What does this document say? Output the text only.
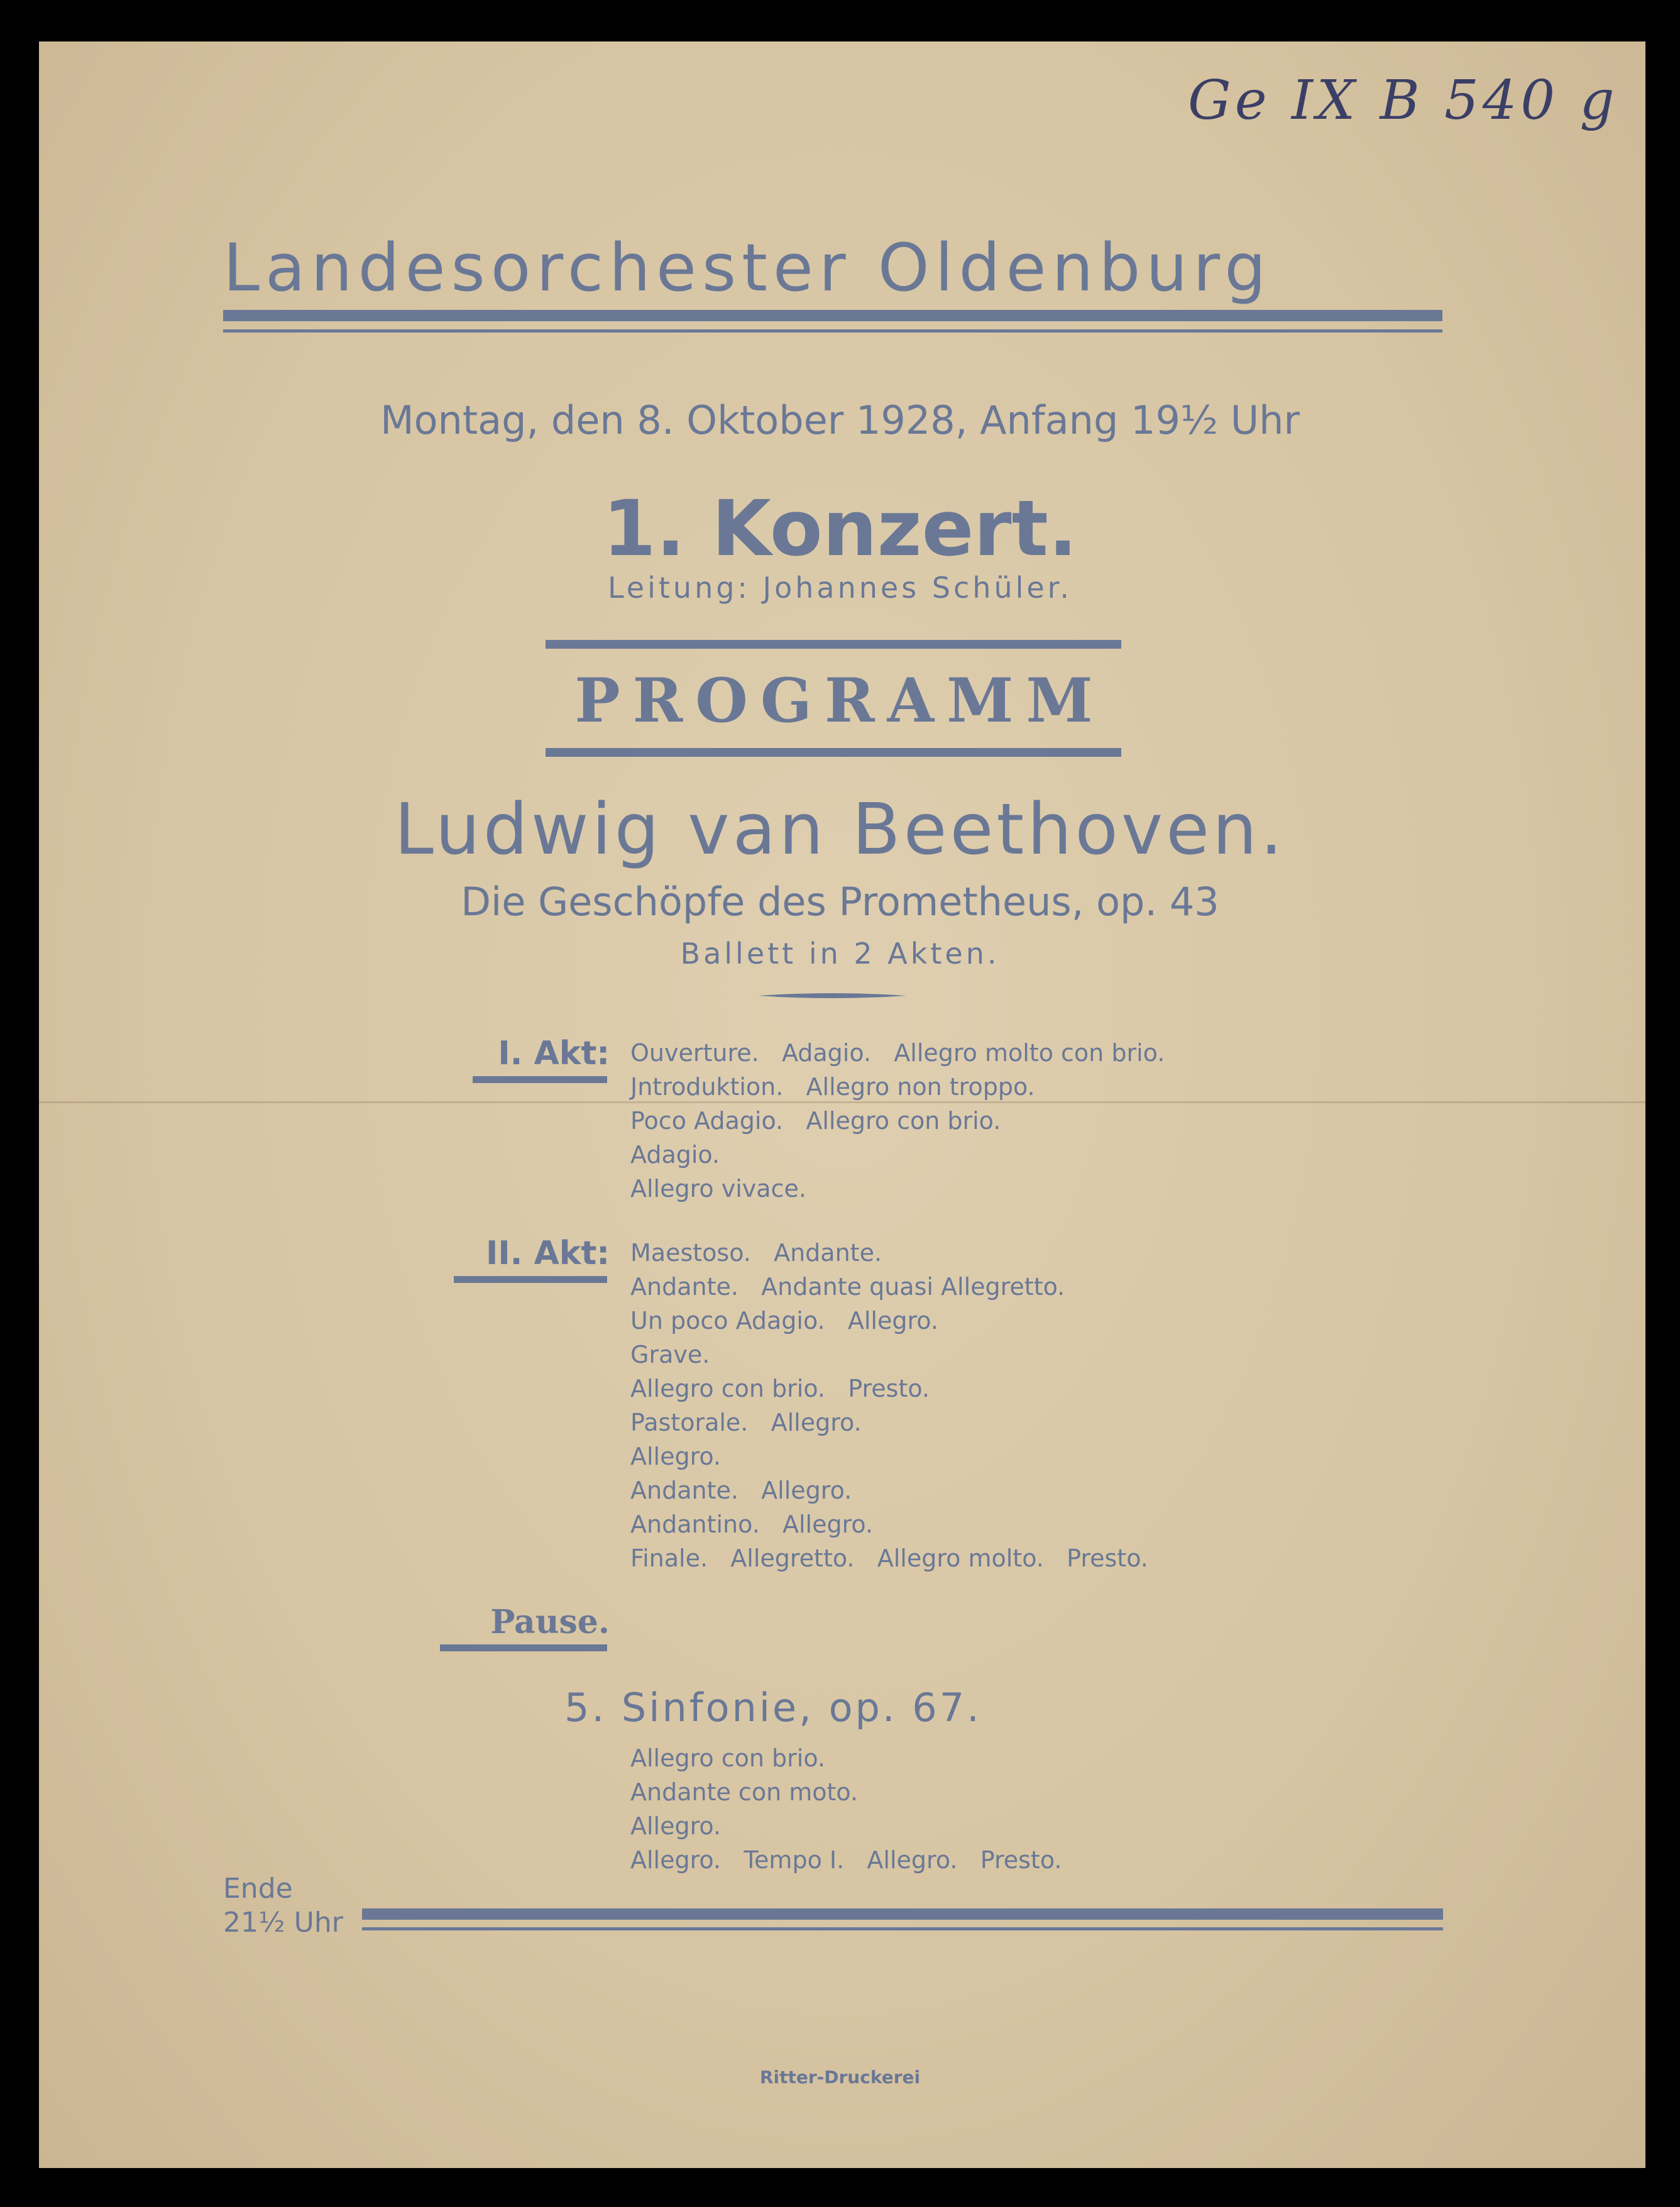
Ge IX B 540 g
Landesorchester Oldenburg
Montag, den 8. Oktober 1928, Anfang 19½ Uhr
1. Konzert.
Leitung: Johannes Schüler.
PROGRAMM
Ludwig van Beethoven.
Die Geschöpfe des Prometheus, op. 43
Ballett in 2 Akten.
I. Akt: Ouverture.   Adagio.   Allegro molto con brio.
Jntroduktion.   Allegro non troppo.
Poco Adagio.   Allegro con brio.
Adagio.
Allegro vivace.
II. Akt: Maestoso.   Andante.
Andante.   Andante quasi Allegretto.
Un poco Adagio.   Allegro.
Grave.
Allegro con brio.   Presto.
Pastorale.   Allegro.
Allegro.
Andante.   Allegro.
Andantino.   Allegro.
Finale.   Allegretto.   Allegro molto.   Presto.
Pause.
5. Sinfonie, op. 67.
Allegro con brio.
Andante con moto.
Allegro.
Allegro.   Tempo I.   Allegro.   Presto.
Ende
21½ Uhr
Ritter-Druckerei
